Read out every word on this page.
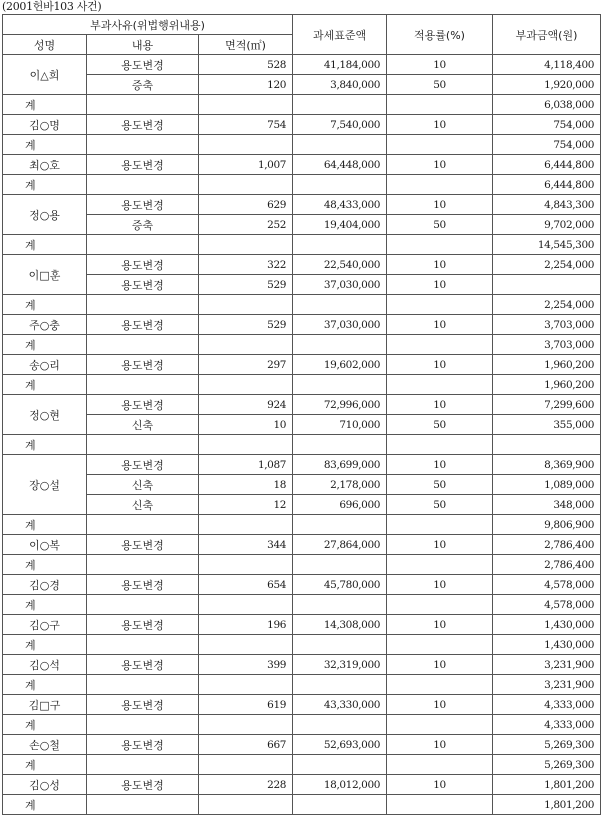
(2001헌바103 사건)
부과사유(위법행위내용)			과세표준액	적용률(%)	부과금액(원)
성명	내용	면적(㎡)			
이△희	용도변경	528	41,184,000	10	4,118,400
	증축	120	3,840,000	50	1,920,000
계					6,038,000
김○명	용도변경	754	7,540,000	10	754,000
계					754,000
최○호	용도변경	1,007	64,448,000	10	6,444,800
계					6,444,800
정○용	용도변경	629	48,433,000	10	4,843,300
	증축	252	19,404,000	50	9,702,000
계					14,545,300
이□훈	용도변경	322	22,540,000	10	2,254,000
	용도변경	529	37,030,000	10	
계					2,254,000
주○충	용도변경	529	37,030,000	10	3,703,000
계					3,703,000
송○리	용도변경	297	19,602,000	10	1,960,200
계					1,960,200
정○현	용도변경	924	72,996,000	10	7,299,600
	신축	10	710,000	50	355,000
계					
장○설	용도변경	1,087	83,699,000	10	8,369,900
	신축	18	2,178,000	50	1,089,000
	신축	12	696,000	50	348,000
계					9,806,900
이○복	용도변경	344	27,864,000	10	2,786,400
계					2,786,400
김○경	용도변경	654	45,780,000	10	4,578,000
계					4,578,000
김○구	용도변경	196	14,308,000	10	1,430,000
계					1,430,000
김○석	용도변경	399	32,319,000	10	3,231,900
계					3,231,900
김□구	용도변경	619	43,330,000	10	4,333,000
계					4,333,000
손○철	용도변경	667	52,693,000	10	5,269,300
계					5,269,300
김○성	용도변경	228	18,012,000	10	1,801,200
계					1,801,200
